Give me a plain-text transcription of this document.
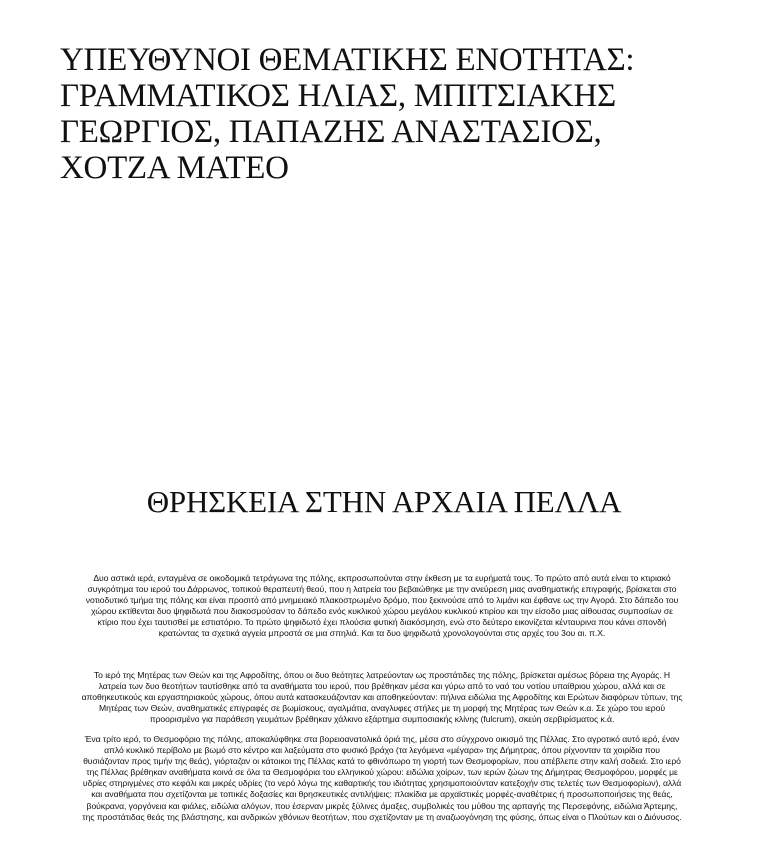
ΥΠΕΥΘΥΝΟΙ ΘΕΜΑΤΙΚΗΣ ΕΝΟΤΗΤΑΣ:
ΓΡΑΜΜΑΤΙΚΟΣ ΗΛΙΑΣ, ΜΠΙΤΣΙΑΚΗΣ
ΓΕΩΡΓΙΟΣ, ΠΑΠΑΖΗΣ ΑΝΑΣΤΑΣΙΟΣ,
ΧΟΤΖΑ ΜΑΤΕΟ
ΘΡΗΣΚΕΙΑ ΣΤΗΝ ΑΡΧΑΙΑ ΠΕΛΛΑ
Δυο αστικά ιερά, ενταγμένα σε οικοδομικά τετράγωνα της πόλης, εκπροσωπούνται στην έκθεση με τα ευρήματά τους. Το πρώτο από αυτά είναι το κτιριακό συγκρότημα του ιερού του Δάρρωνος, τοπικού θεραπευτή θεού, που η λατρεία του βεβαιώθηκε με την ανεύρεση μιας αναθηματικής επιγραφής, βρίσκεται στο νοτιοδυτικό τμήμα της πόλης και είναι προσιτό από μνημειακό πλακοστρωμένο δρόμο, που ξεκινούσε από το λιμάνι και έφθανε ως την Αγορά. Στο δάπεδο του χώρου εκτίθενται δυο ψηφιδωτά που διακοσμούσαν το δάπεδο ενός κυκλικού χώρου μεγάλου κυκλικού κτιρίου και την είσοδο μιας αίθουσας συμποσίων σε κτίριο που έχει ταυτισθεί με εστιατόριο. Το πρώτο ψηφιδωτό έχει πλούσια φυτική διακόσμηση, ενώ στο δεύτερο εικονίζεται κένταυρινα που κάνει σπονδή κρατώντας τα σχετικά αγγεία μπροστά σε μια σπηλιά. Και τα δυο ψηφιδωτά χρονολογούνται στις αρχές του 3ου αι. π.Χ.
Το ιερό της Μητέρας των Θεών και της Αφροδίτης, όπου οι δυο θεότητες λατρεύονταν ως προστάτιδες της πόλης, βρίσκεται αμέσως βόρεια της Αγοράς. Η λατρεία των δυο θεοτήτων ταυτίσθηκε από τα αναθήματα του ιερού, που βρέθηκαν μέσα και γύρω από το ναό του νοτίου υπαίθριου χώρου, αλλά και σε αποθηκευτικούς και εργαστηριακούς χώρους, όπου αυτά κατασκευάζονταν και αποθηκεύονταν: πήλινα ειδώλια της Αφροδίτης και Ερώτων διαφόρων τύπων, της Μητέρας των Θεών, αναθηματικές επιγραφές σε βωμίσκους, αγαλμάτια, αναγλυφες στήλες με τη μορφή της Μητέρας των Θεών κ.α. Σε χώρο του ιερού προορισμένο για παράθεση γευμάτων βρέθηκαν χάλκινο εξάρτημα συμποσιακής κλίνης (fulcrum), σκεύη σερβιρίσματος κ.ά.
Ένα τρίτο ιερό, το Θεσμοφόριο της πόλης, αποκαλύφθηκε στα βορειοανατολικά όριά της, μέσα στο σύγχρονο οικισμό της Πέλλας. Στο αγροτικό αυτό ιερό, έναν απλό κυκλικό περίβολο με βωμό στο κέντρο και λαξεύματα στο φυσικό βράχο (τα λεγόμενα «μέγαρα» της Δήμητρας, όπου ρίχνονταν τα χοιρίδια που θυσιάζονταν προς τιμήν της θεάς), γιόρταζαν οι κάτοικοι της Πέλλας κατά το φθινόπωρο τη γιορτή των Θεσμοφορίων, που απέβλεπε στην καλή σοδειά. Στο ιερό της Πέλλας βρέθηκαν αναθήματα κοινά σε όλα τα Θεσμοφόρια του ελληνικού χώρου: ειδώλια χοίρων, των ιερών ζώων της Δήμητρας Θεσμοφόρου, μορφές με υδρίες στηριγμένες στο κεφάλι και μικρές υδρίες (το νερό λόγω της καθαρτικής του ιδιότητας χρησιμοποιούνταν κατεξοχήν στις τελετές των Θεσμοφορίων), αλλά και αναθήματα που σχετίζονται με τοπικές δοξασίες και θρησκευτικές αντιλήψεις: πλακίδια με αρχαϊστικές μορφές-αναθέτριες ή προσωποποιήσεις της θεάς, βούκρανα, γοργόνεια και φιάλες, ειδώλια αλόγων, που έσερναν μικρές ξύλινες άμαξες, συμβολικές του μύθου της αρπαγής της Περσεφόνης, ειδώλια Άρτεμης, της προστάτιδας θεάς της βλάστησης, και ανδρικών χθόνιων θεοτήτων, που σχετίζονταν με τη αναζωογόνηση της φύσης, όπως είναι ο Πλούτων και ο Διόνυσος.
